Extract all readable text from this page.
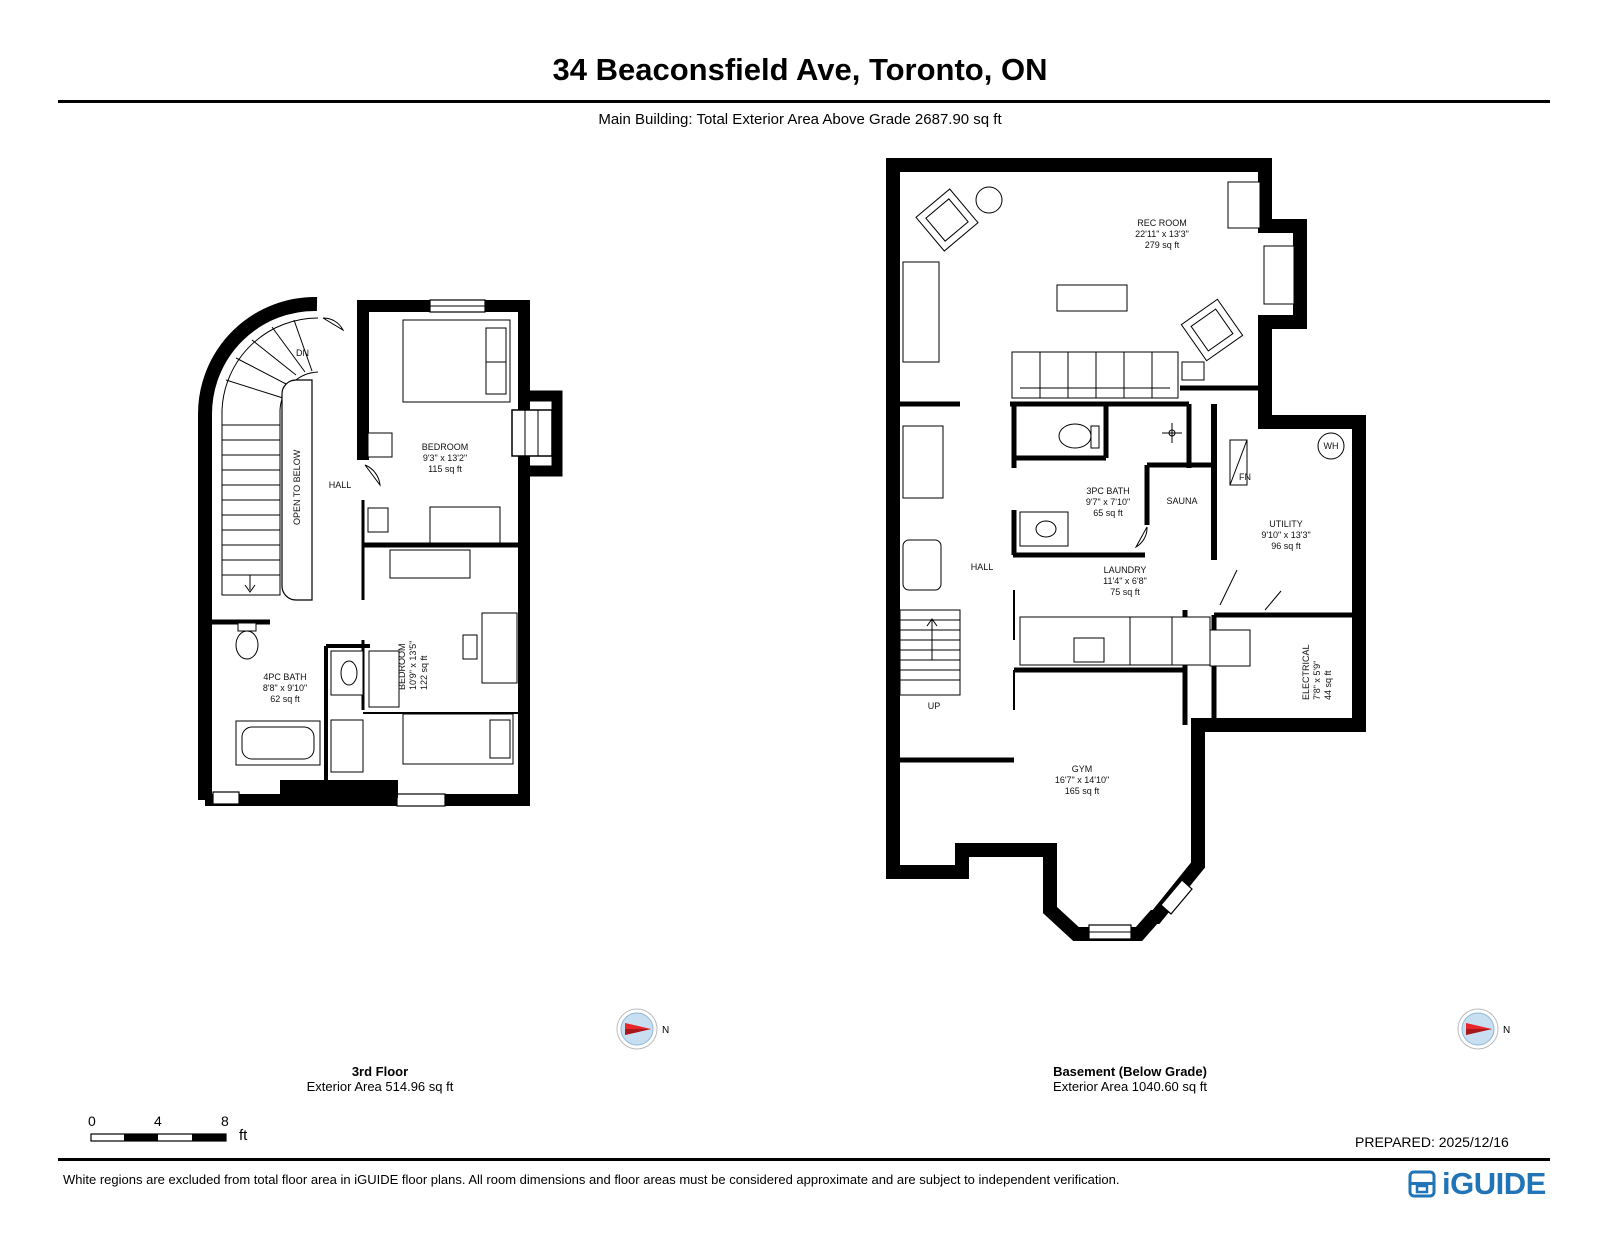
34 Beaconsfield Ave, Toronto, ON
Main Building: Total Exterior Area Above Grade 2687.90 sq ft
DN
OPEN TO BELOW	HALL
BEDROOM
9'3" x 13'2"
115 sq ft
BEDROOM 10'9" x 13'5" 122 sq ft
4PC BATH
8'8" x 9'10"
62 sq ft
REC ROOM
22'11" x 13'3"
279 sq ft
3PC BATH
9'7" x 7'10"
65 sq ft
SAUNA
UTILITY
9'10" x 13'3"
96 sq ft
LAUNDRY
11'4" x 6'8"
75 sq ft
HALL
ELECTRICAL 7'8" x 5'9" 44 sq ft
GYM
16'7" x 14'10"
165 sq ft
UP
WH
FN
N	N
3rd Floor
Exterior Area 514.96 sq ft
Basement (Below Grade)
Exterior Area 1040.60 sq ft
0	4	8
ft	PREPARED: 2025/12/16
White regions are excluded from total floor area in iGUIDE floor plans. All room dimensions and floor areas must be considered approximate and are subject to independent verification.	iGUIDE
